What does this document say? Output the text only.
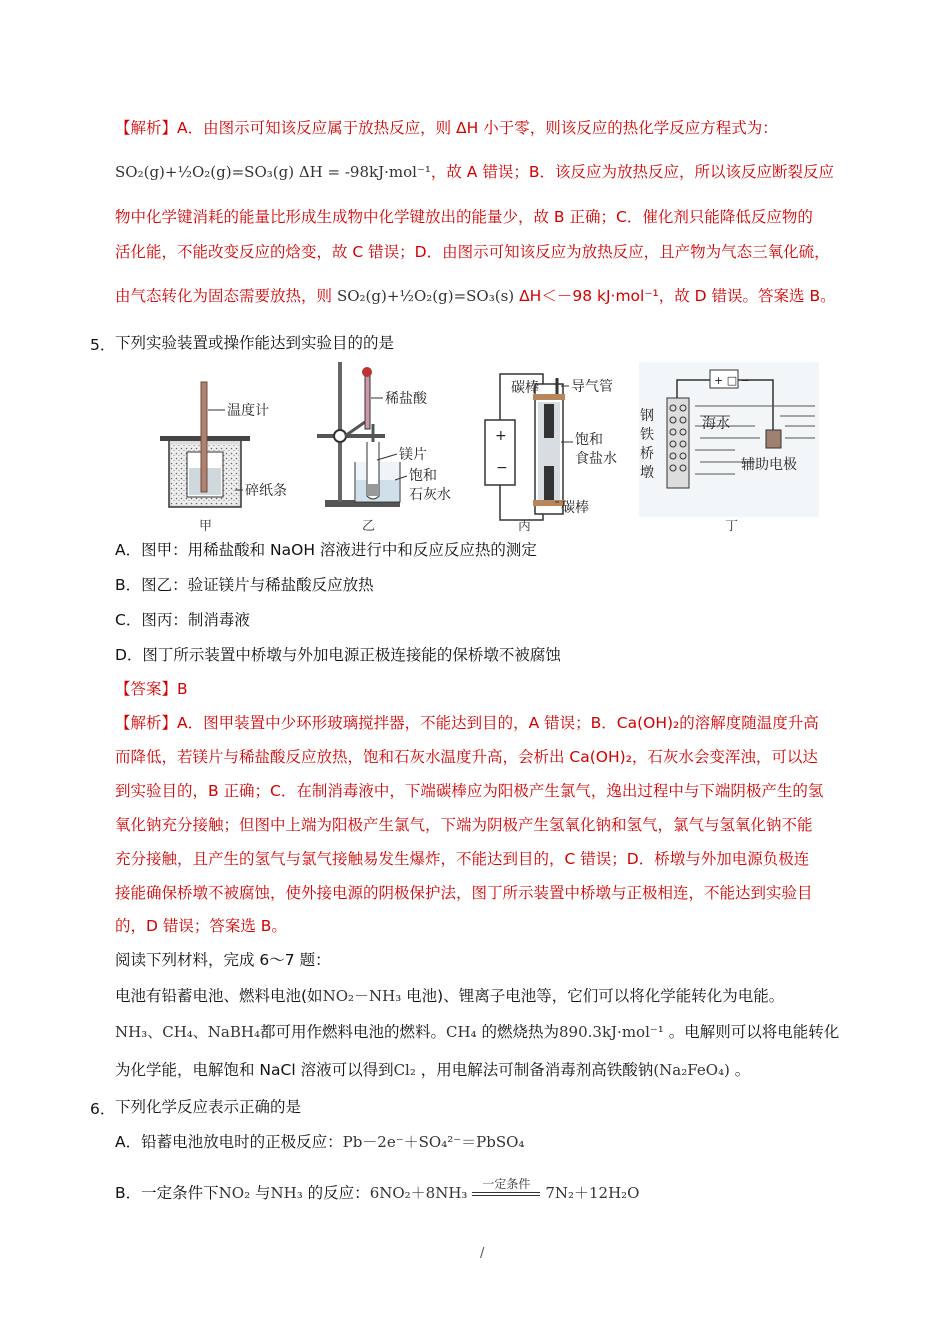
【解析】A．由图示可知该反应属于放热反应，则 ΔH 小于零，则该反应的热化学反应方程式为：
SO₂(g)+½O₂(g)=SO₃(g) ΔH = -98kJ·mol⁻¹，故 A 错误；B．该反应为放热反应，所以该反应断裂反应
物中化学键消耗的能量比形成生成物中化学键放出的能量少，故 B 正确；C．催化剂只能降低反应物的
活化能，不能改变反应的焓变，故 C 错误；D．由图示可知该反应为放热反应，且产物为气态三氧化硫，
由气态转化为固态需要放热，则 SO₂(g)+½O₂(g)=SO₃(s) ΔH＜－98 kJ·mol⁻¹，故 D 错误。答案选 B。
5． 下列实验装置或操作能达到实验目的的是
温度计
碎纸条
甲
稀盐酸
镁片
饱和
石灰水
乙
+
−
碳棒 导气管
饱和
食盐水
碳棒
丙
+ □ −
海水
钢
铁
桥
墩	辅助电极
丁
A．图甲：用稀盐酸和 NaOH 溶液进行中和反应反应热的测定
B．图乙：验证镁片与稀盐酸反应放热
C．图丙：制消毒液
D．图丁所示装置中桥墩与外加电源正极连接能的保桥墩不被腐蚀
【答案】B
【解析】A．图甲装置中少环形玻璃搅拌器，不能达到目的，A 错误；B．Ca(OH)₂的溶解度随温度升高
而降低，若镁片与稀盐酸反应放热，饱和石灰水温度升高，会析出 Ca(OH)₂，石灰水会变浑浊，可以达
到实验目的，B 正确；C．在制消毒液中，下端碳棒应为阳极产生氯气，逸出过程中与下端阴极产生的氢
氧化钠充分接触；但图中上端为阳极产生氯气，下端为阴极产生氢氧化钠和氢气，氯气与氢氧化钠不能
充分接触，且产生的氢气与氯气接触易发生爆炸，不能达到目的，C 错误；D．桥墩与外加电源负极连
接能确保桥墩不被腐蚀，使外接电源的阴极保护法，图丁所示装置中桥墩与正极相连，不能达到实验目
的，D 错误；答案选 B。
阅读下列材料，完成 6～7 题：
电池有铅蓄电池、燃料电池(如NO₂－NH₃ 电池)、锂离子电池等，它们可以将化学能转化为电能。
NH₃、CH₄、NaBH₄都可用作燃料电池的燃料。CH₄ 的燃烧热为890.3kJ·mol⁻¹ 。电解则可以将电能转化
为化学能，电解饱和 NaCl 溶液可以得到Cl₂ ，用电解法可制备消毒剂高铁酸钠(Na₂FeO₄) 。
6． 下列化学反应表示正确的是
A．铅蓄电池放电时的正极反应：Pb－2e⁻＋SO₄²⁻＝PbSO₄
B．一定条件下NO₂ 与NH₃ 的反应：6NO₂＋8NH₃
一定条件
7N₂＋12H₂O
/
